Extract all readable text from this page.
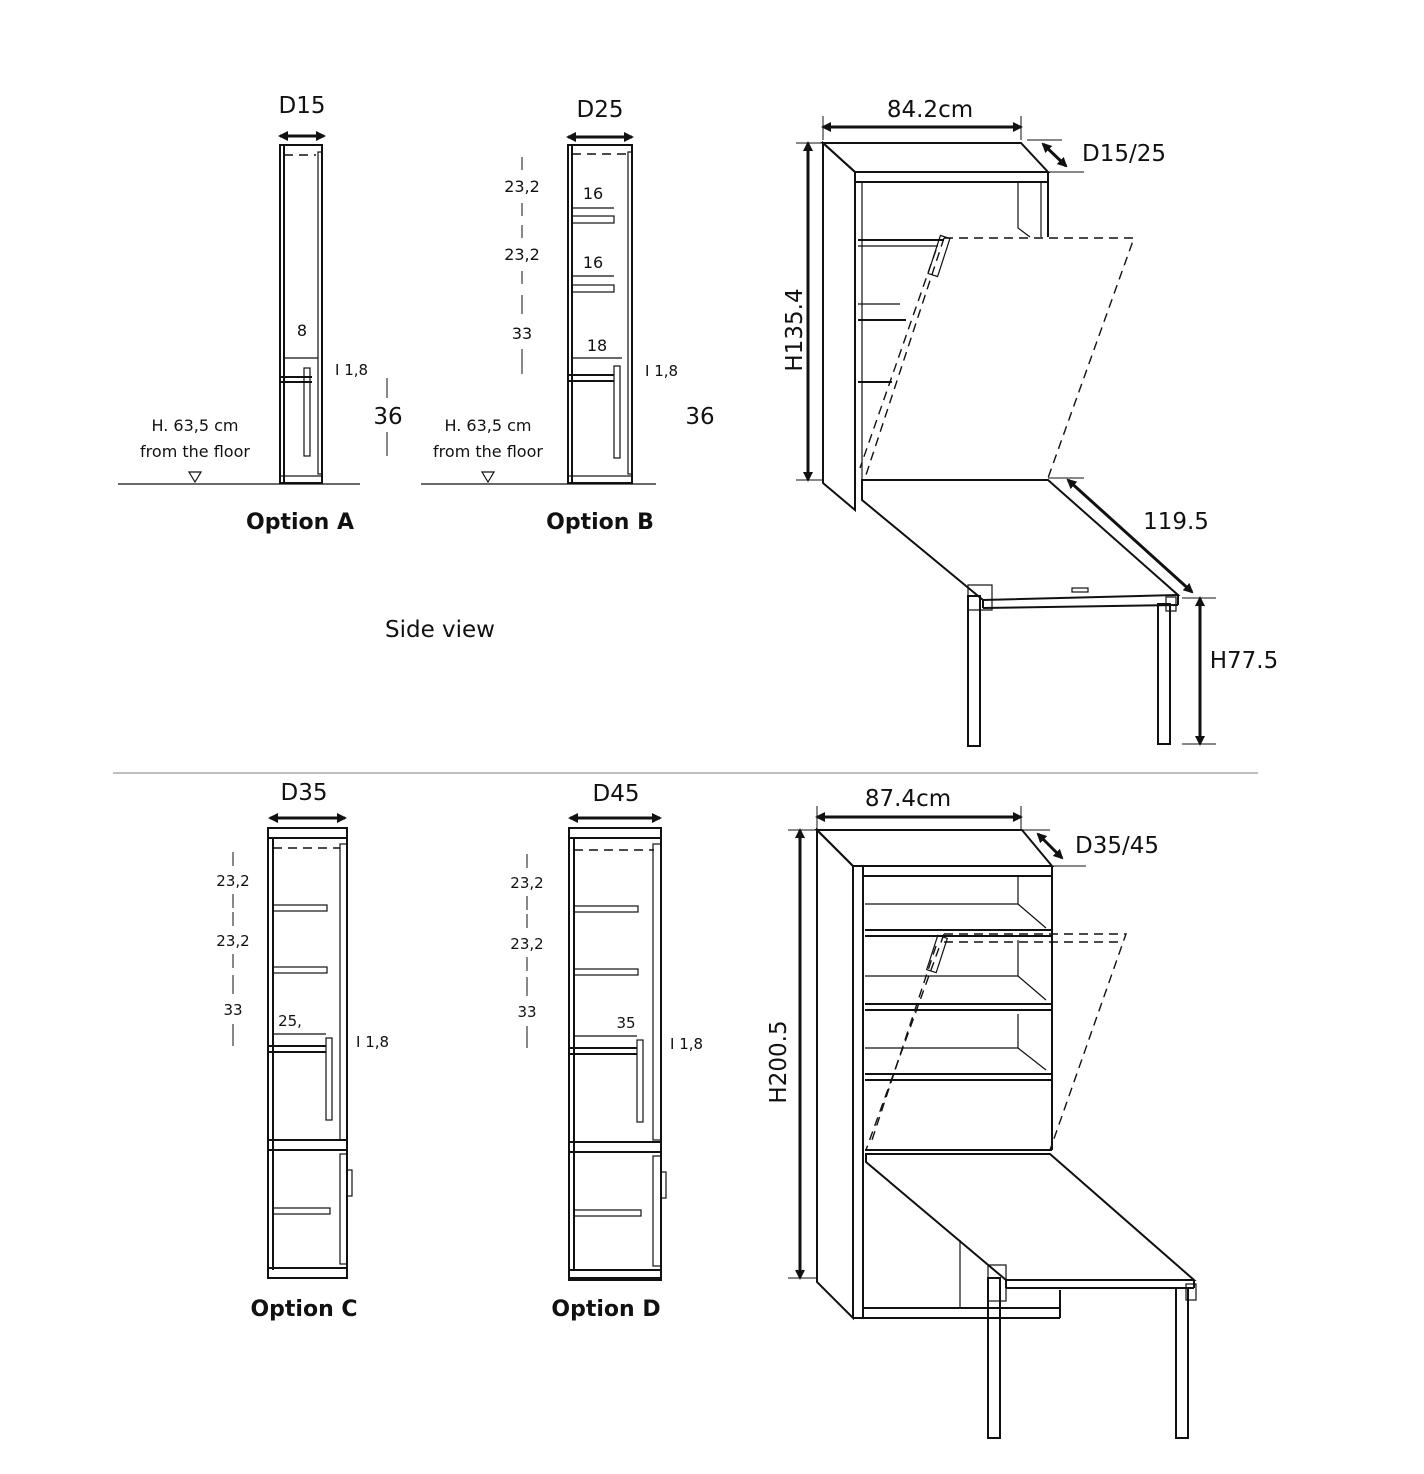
D15
8
I 1,8
36
H. 63,5 cm
from the floor
Option A
D25
16
16
18
23,2
23,2
33
I 1,8
36
H. 63,5 cm
from the floor
Option B
Side view
84.2cm
D15/25
H135.4
119.5
H77.5
D35
25,
23,2
23,2
33
I 1,8
Option C
D45
35
23,2
23,2
33
I 1,8
Option D
87.4cm
D35/45
H200.5
